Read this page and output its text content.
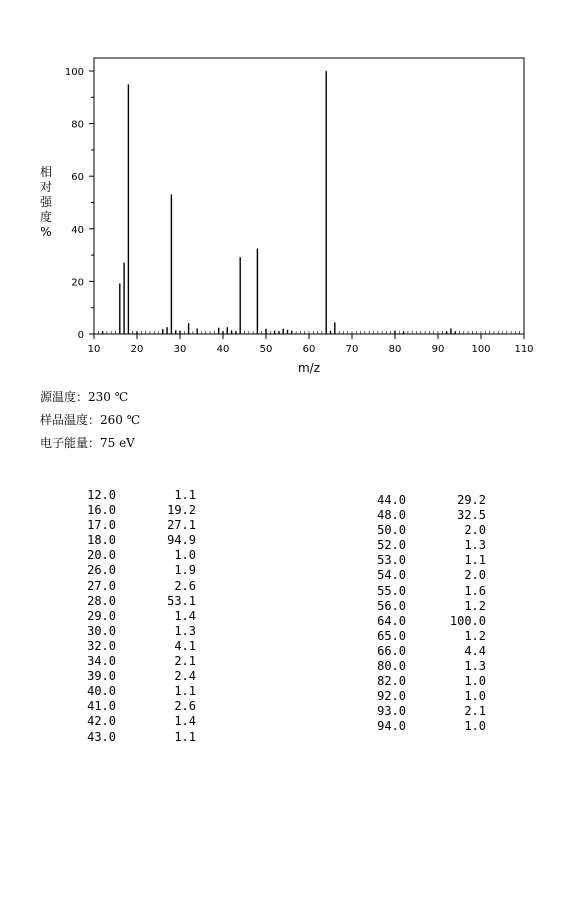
10	20	30	40	50	60	70	80	90	100 110
0
20
40
60
80
100
m/z
相
对
强
度
%
源温度：230 ℃
样品温度：260 ℃
电子能量：75 eV
12.0	1.1
16.0	19.2
17.0	27.1
18.0	94.9
20.0	1.0
26.0	1.9
27.0	2.6
28.0	53.1
29.0	1.4
30.0	1.3
32.0	4.1
34.0	2.1
39.0	2.4
40.0	1.1
41.0	2.6
42.0	1.4
43.0	1.1
44.0	29.2
48.0	32.5
50.0	2.0
52.0	1.3
53.0	1.1
54.0	2.0
55.0	1.6
56.0	1.2
64.0	100.0
65.0	1.2
66.0	4.4
80.0	1.3
82.0	1.0
92.0	1.0
93.0	2.1
94.0	1.0
